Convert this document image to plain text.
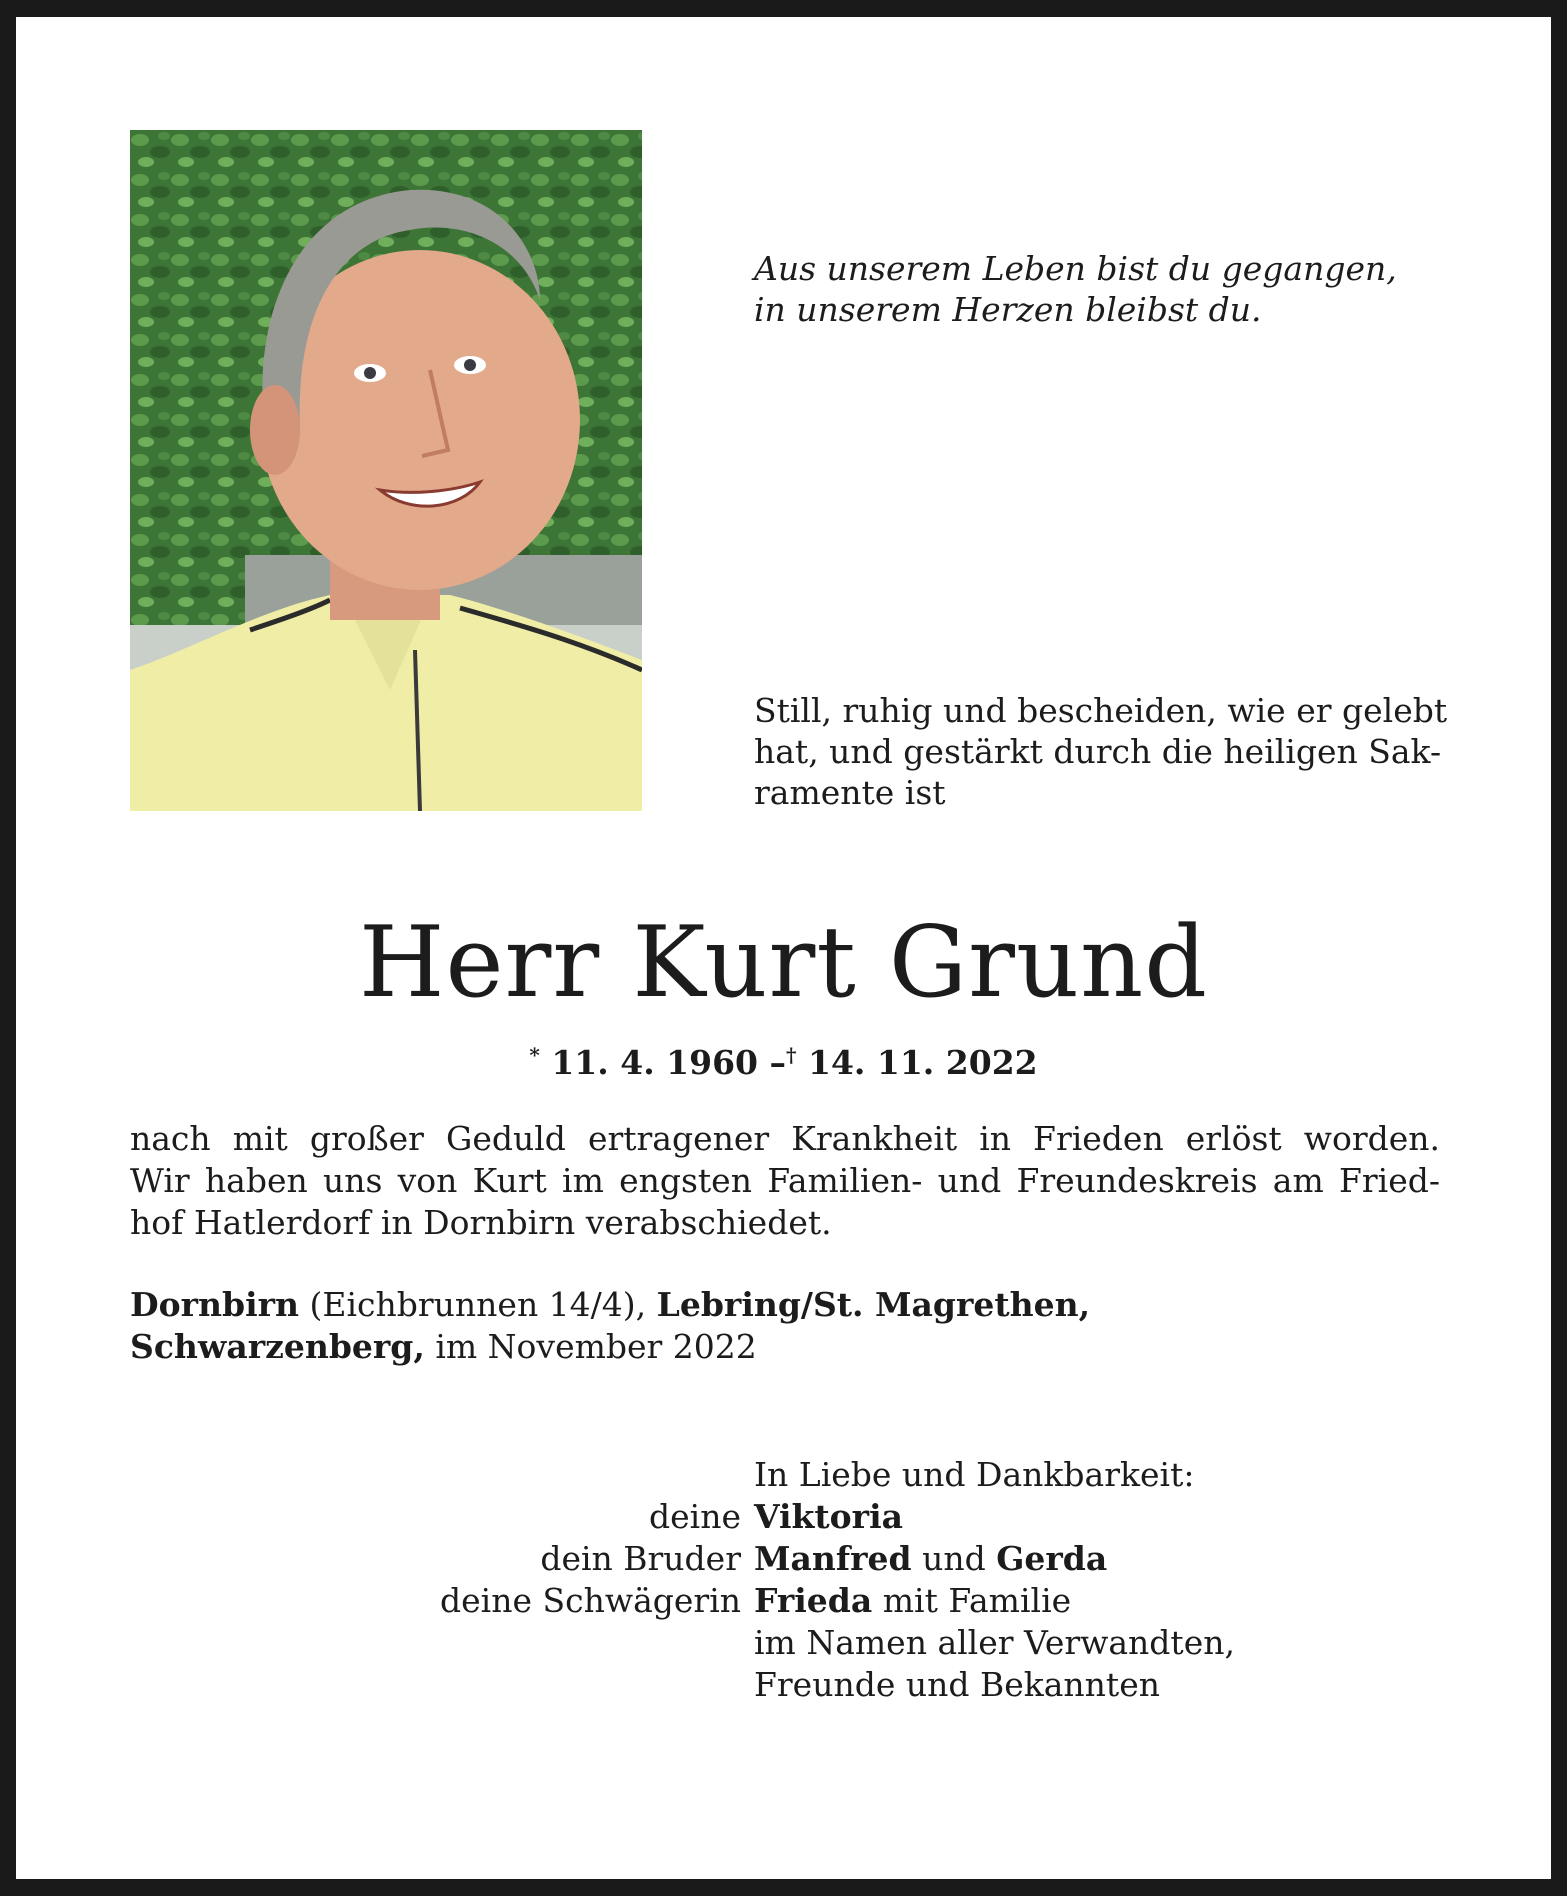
Aus unserem Leben bist du gegangen,
in unserem Herzen bleibst du.
Still, ruhig und bescheiden, wie er gelebt
hat, und gestärkt durch die heiligen Sak-
ramente ist
Herr Kurt Grund
* 11. 4. 1960 –† 14. 11. 2022
nach mit großer Geduld ertragener Krankheit in Frieden erlöst worden.
Wir haben uns von Kurt im engsten Familien- und Freundeskreis am Fried-
hof Hatlerdorf in Dornbirn verabschiedet.
Dornbirn (Eichbrunnen 14/4), Lebring/St. Magrethen,
Schwarzenberg, im November 2022
In Liebe und Dankbarkeit:
deine Viktoria
dein Bruder Manfred und Gerda
deine Schwägerin Frieda mit Familie
im Namen aller Verwandten,
Freunde und Bekannten
